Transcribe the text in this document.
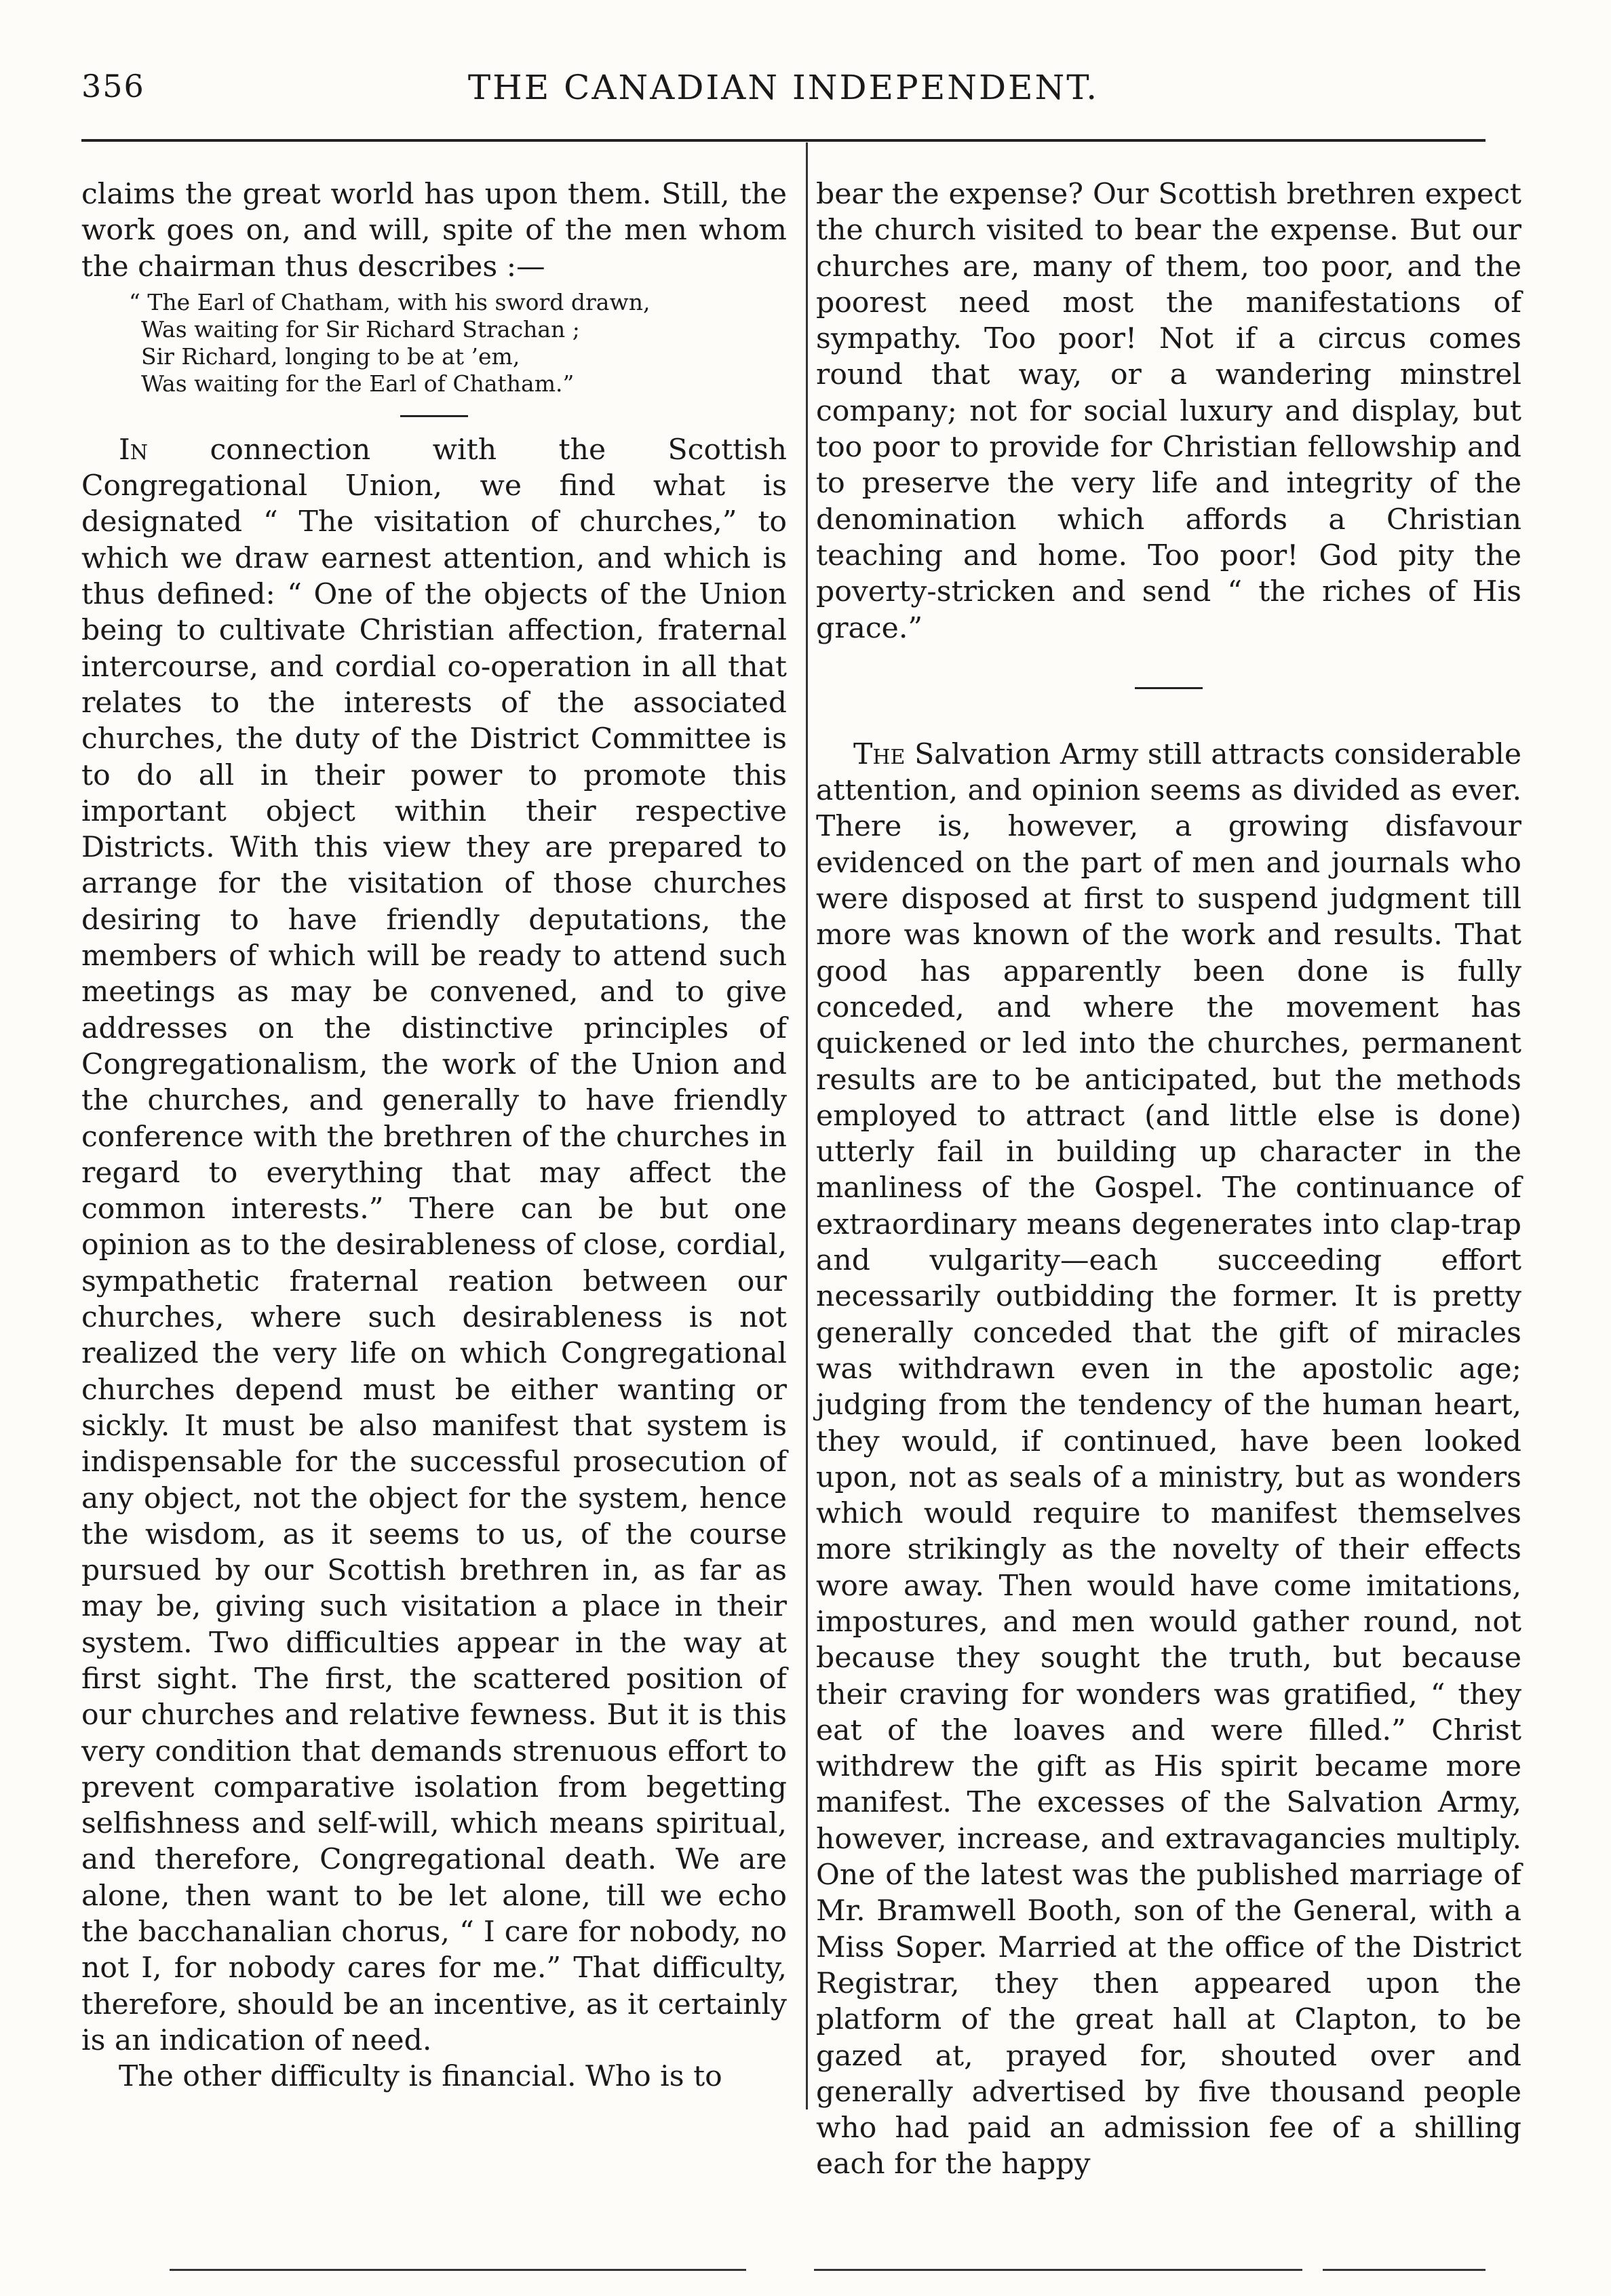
356	THE CANADIAN INDEPENDENT.

claims the great world has upon them. Still, the work goes on, and will, spite of the men whom the chairman thus describes :—

“ The Earl of Chatham, with his sword drawn,
Was waiting for Sir Richard Strachan ;
Sir Richard, longing to be at ’em,
Was waiting for the Earl of Chatham.”

In connection with the Scottish Congregational Union, we find what is designated “ The visitation of churches,” to which we draw earnest attention, and which is thus defined: “ One of the objects of the Union being to cultivate Christian affection, fraternal intercourse, and cordial co-operation in all that relates to the interests of the associated churches, the duty of the District Committee is to do all in their power to promote this important object within their respective Districts. With this view they are prepared to arrange for the visitation of those churches desiring to have friendly deputations, the members of which will be ready to attend such meetings as may be convened, and to give addresses on the distinctive principles of Congregationalism, the work of the Union and the churches, and generally to have friendly conference with the brethren of the churches in regard to everything that may affect the common interests.” There can be but one opinion as to the desirableness of close, cordial, sympathetic fraternal reation between our churches, where such desirableness is not realized the very life on which Congregational churches depend must be either wanting or sickly. It must be also manifest that system is indispensable for the successful prosecution of any object, not the object for the system, hence the wisdom, as it seems to us, of the course pursued by our Scottish brethren in, as far as may be, giving such visitation a place in their system. Two difficulties appear in the way at first sight. The first, the scattered position of our churches and relative fewness. But it is this very condition that demands strenuous effort to prevent comparative isolation from begetting selfishness and self-will, which means spiritual, and therefore, Congregational death. We are alone, then want to be let alone, till we echo the bacchanalian chorus, “ I care for nobody, no not I, for nobody cares for me.” That difficulty, therefore, should be an incentive, as it certainly is an indication of need.

The other difficulty is financial. Who is to

bear the expense? Our Scottish brethren expect the church visited to bear the expense. But our churches are, many of them, too poor, and the poorest need most the manifestations of sympathy. Too poor! Not if a circus comes round that way, or a wandering minstrel company; not for social luxury and display, but too poor to provide for Christian fellowship and to preserve the very life and integrity of the denomination which affords a Christian teaching and home. Too poor! God pity the poverty-stricken and send “ the riches of His grace.”

The Salvation Army still attracts considerable attention, and opinion seems as divided as ever. There is, however, a growing disfavour evidenced on the part of men and journals who were disposed at first to suspend judgment till more was known of the work and results. That good has apparently been done is fully conceded, and where the movement has quickened or led into the churches, permanent results are to be anticipated, but the methods employed to attract (and little else is done) utterly fail in building up character in the manliness of the Gospel. The continuance of extraordinary means degenerates into clap-trap and vulgarity—each succeeding effort necessarily outbidding the former. It is pretty generally conceded that the gift of miracles was withdrawn even in the apostolic age; judging from the tendency of the human heart, they would, if continued, have been looked upon, not as seals of a ministry, but as wonders which would require to manifest themselves more strikingly as the novelty of their effects wore away. Then would have come imitations, impostures, and men would gather round, not because they sought the truth, but because their craving for wonders was gratified, “ they eat of the loaves and were filled.” Christ withdrew the gift as His spirit became more manifest. The excesses of the Salvation Army, however, increase, and extravagancies multiply. One of the latest was the published marriage of Mr. Bramwell Booth, son of the General, with a Miss Soper. Married at the office of the District Registrar, they then appeared upon the platform of the great hall at Clapton, to be gazed at, prayed for, shouted over and generally advertised by five thousand people who had paid an admission fee of a shilling each for the happy
